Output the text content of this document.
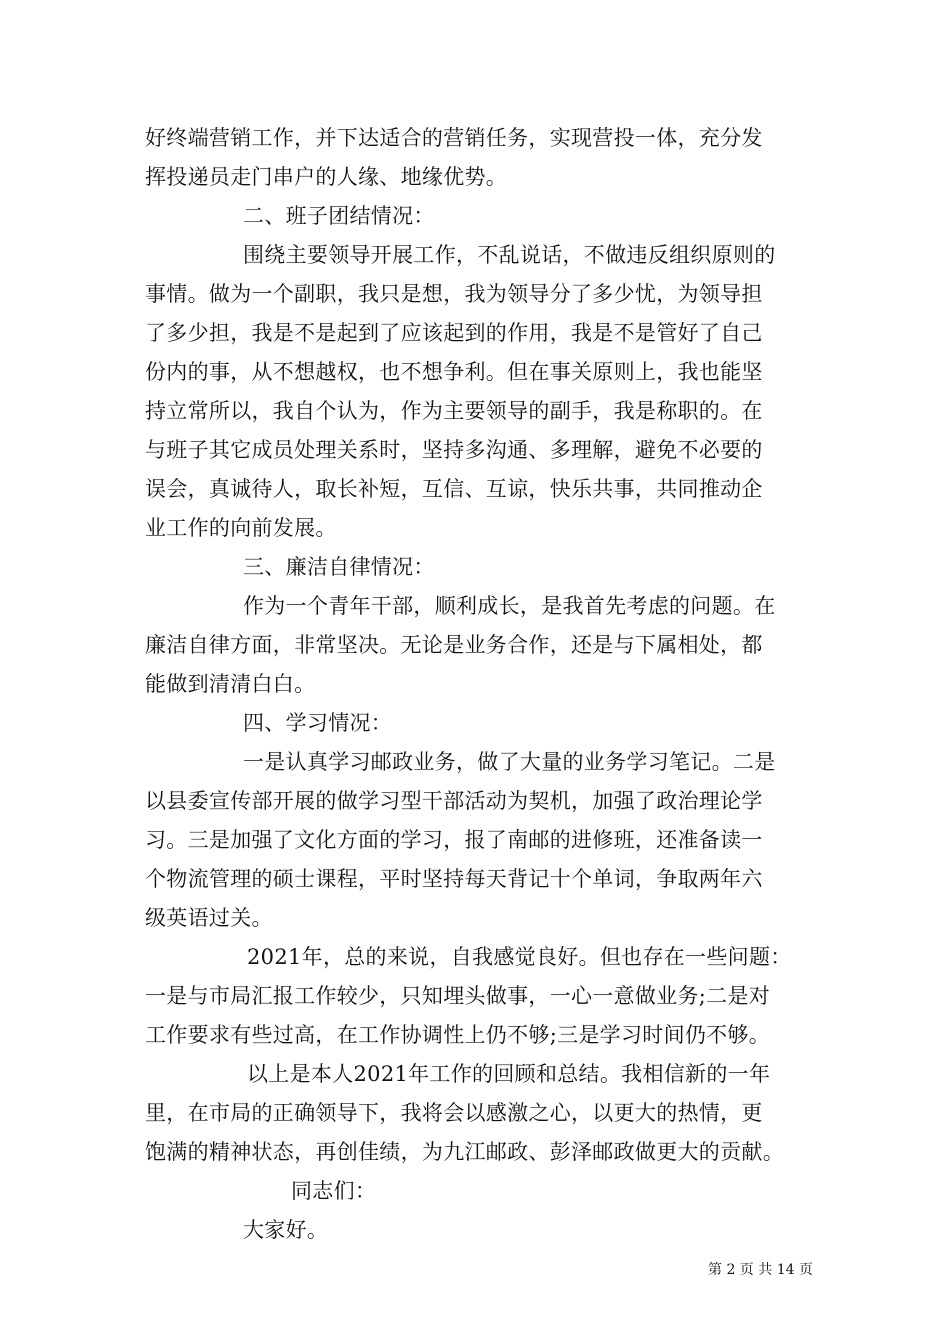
好终端营销工作，并下达适合的营销任务，实现营投一体，充分发
挥投递员走门串户的人缘、地缘优势。
二、班子团结情况：
围绕主要领导开展工作，不乱说话，不做违反组织原则的
事情。做为一个副职，我只是想，我为领导分了多少忧，为领导担
了多少担，我是不是起到了应该起到的作用，我是不是管好了自己
份内的事，从不想越权，也不想争利。但在事关原则上，我也能坚
持立常所以，我自个认为，作为主要领导的副手，我是称职的。在
与班子其它成员处理关系时，坚持多沟通、多理解，避免不必要的
误会，真诚待人，取长补短，互信、互谅，快乐共事，共同推动企
业工作的向前发展。
三、廉洁自律情况：
作为一个青年干部，顺利成长，是我首先考虑的问题。在
廉洁自律方面，非常坚决。无论是业务合作，还是与下属相处，都
能做到清清白白。
四、学习情况：
一是认真学习邮政业务，做了大量的业务学习笔记。二是
以县委宣传部开展的做学习型干部活动为契机，加强了政治理论学
习。三是加强了文化方面的学习，报了南邮的进修班，还准备读一
个物流管理的硕士课程，平时坚持每天背记十个单词，争取两年六
级英语过关。
2021年，总的来说，自我感觉良好。但也存在一些问题：
一是与市局汇报工作较少，只知埋头做事，一心一意做业务;二是对
工作要求有些过高，在工作协调性上仍不够;三是学习时间仍不够。
以上是本人2021年工作的回顾和总结。我相信新的一年
里，在市局的正确领导下，我将会以感激之心，以更大的热情，更
饱满的精神状态，再创佳绩，为九江邮政、彭泽邮政做更大的贡献。
同志们：
大家好。
第 2 页 共 14 页
